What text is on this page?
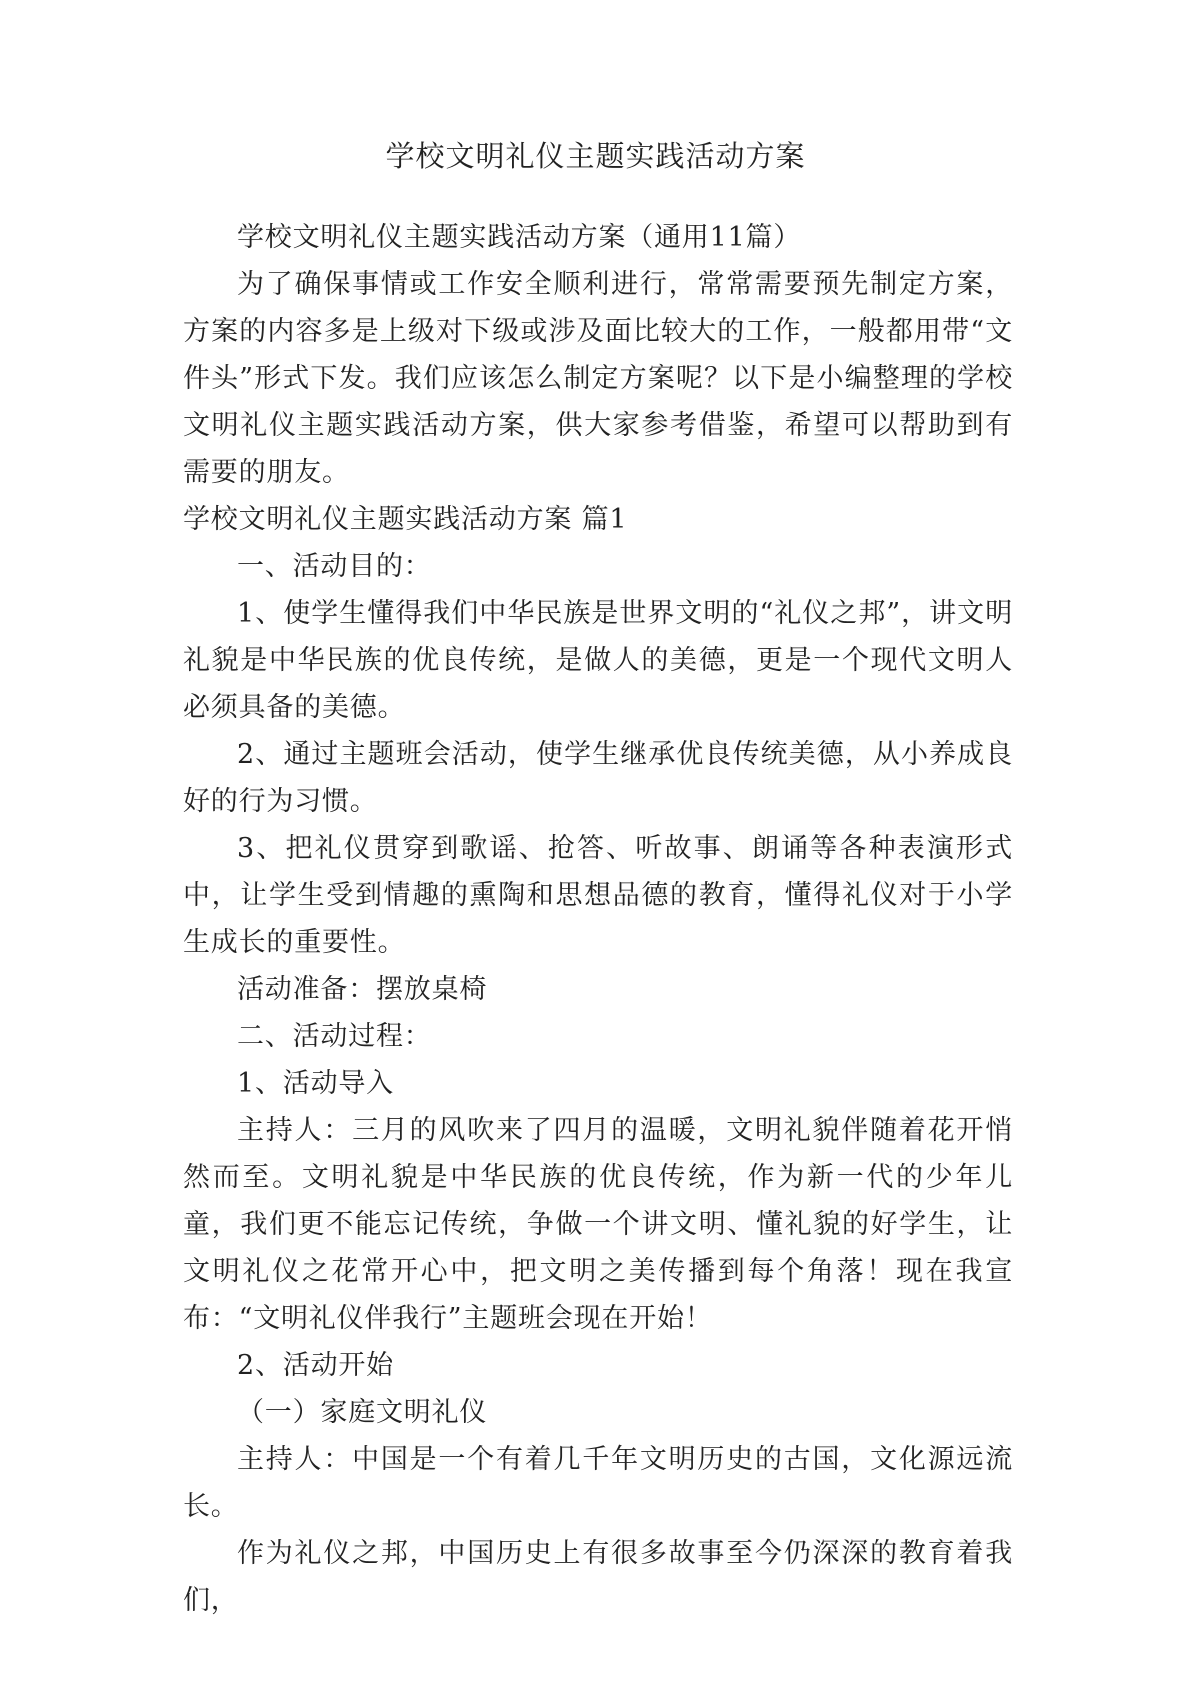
学校文明礼仪主题实践活动方案

学校文明礼仪主题实践活动方案（通用11篇）

为了确保事情或工作安全顺利进行，常常需要预先制定方案，方案的内容多是上级对下级或涉及面比较大的工作，一般都用带“文件头”形式下发。我们应该怎么制定方案呢？以下是小编整理的学校文明礼仪主题实践活动方案，供大家参考借鉴，希望可以帮助到有需要的朋友。

学校文明礼仪主题实践活动方案 篇1

一、活动目的：

1、使学生懂得我们中华民族是世界文明的“礼仪之邦”，讲文明礼貌是中华民族的优良传统，是做人的美德，更是一个现代文明人必须具备的美德。

2、通过主题班会活动，使学生继承优良传统美德，从小养成良好的行为习惯。

3、把礼仪贯穿到歌谣、抢答、听故事、朗诵等各种表演形式中，让学生受到情趣的熏陶和思想品德的教育，懂得礼仪对于小学生成长的重要性。

活动准备：摆放桌椅

二、活动过程：

1、活动导入

主持人：三月的风吹来了四月的温暖，文明礼貌伴随着花开悄然而至。文明礼貌是中华民族的优良传统，作为新一代的少年儿童，我们更不能忘记传统，争做一个讲文明、懂礼貌的好学生，让文明礼仪之花常开心中，把文明之美传播到每个角落！现在我宣布：“文明礼仪伴我行”主题班会现在开始！

2、活动开始

（一）家庭文明礼仪

主持人：中国是一个有着几千年文明历史的古国，文化源远流长。

作为礼仪之邦，中国历史上有很多故事至今仍深深的教育着我们，
